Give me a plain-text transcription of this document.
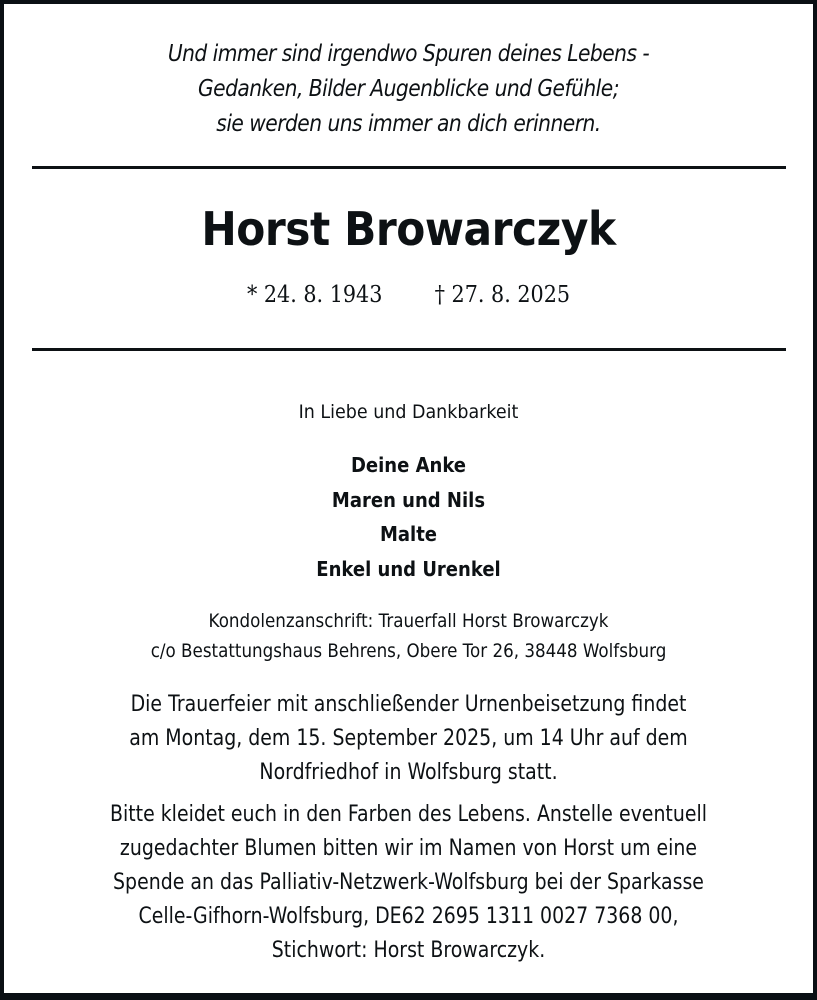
Und immer sind irgendwo Spuren deines Lebens -
Gedanken, Bilder Augenblicke und Gefühle;
sie werden uns immer an dich erinnern.
Horst Browarczyk
* 24. 8. 1943 † 27. 8. 2025
In Liebe und Dankbarkeit
Deine Anke
Maren und Nils
Malte
Enkel und Urenkel
Kondolenzanschrift: Trauerfall Horst Browarczyk
c/o Bestattungshaus Behrens, Obere Tor 26, 38448 Wolfsburg
Die Trauerfeier mit anschließender Urnenbeisetzung findet
am Montag, dem 15. September 2025, um 14 Uhr auf dem
Nordfriedhof in Wolfsburg statt.
Bitte kleidet euch in den Farben des Lebens. Anstelle eventuell
zugedachter Blumen bitten wir im Namen von Horst um eine
Spende an das Palliativ-Netzwerk-Wolfsburg bei der Sparkasse
Celle-Gifhorn-Wolfsburg, DE62 2695 1311 0027 7368 00,
Stichwort: Horst Browarczyk.
